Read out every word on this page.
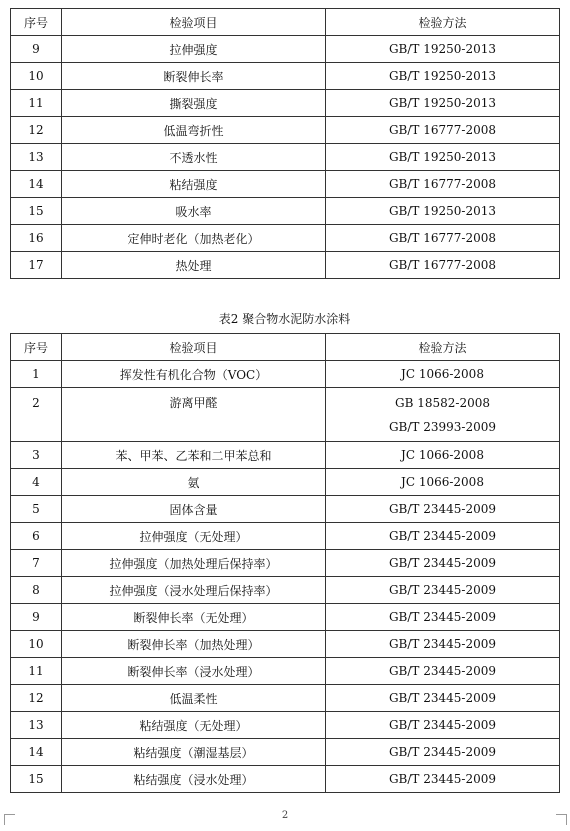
序号	检验项目	检验方法
9	拉伸强度	GB/T 19250-2013
10	断裂伸长率	GB/T 19250-2013
11	撕裂强度	GB/T 19250-2013
12	低温弯折性	GB/T 16777-2008
13	不透水性	GB/T 19250-2013
14	粘结强度	GB/T 16777-2008
15	吸水率	GB/T 19250-2013
16	定伸时老化（加热老化）	GB/T 16777-2008
17	热处理	GB/T 16777-2008
表2 聚合物水泥防水涂料
序号	检验项目	检验方法
1	挥发性有机化合物（VOC）	JC 1066-2008

2	游离甲醛	GB 18582-2008
GB/T 23993-2009

3	苯、甲苯、乙苯和二甲苯总和	JC 1066-2008
4	氨	JC 1066-2008
5	固体含量	GB/T 23445-2009
6	拉伸强度（无处理）	GB/T 23445-2009
7	拉伸强度（加热处理后保持率）	GB/T 23445-2009
8	拉伸强度（浸水处理后保持率）	GB/T 23445-2009
9	断裂伸长率（无处理）	GB/T 23445-2009
10	断裂伸长率（加热处理）	GB/T 23445-2009
11	断裂伸长率（浸水处理）	GB/T 23445-2009
12	低温柔性	GB/T 23445-2009
13	粘结强度（无处理）	GB/T 23445-2009
14	粘结强度（潮湿基层）	GB/T 23445-2009
15	粘结强度（浸水处理）	GB/T 23445-2009
2
